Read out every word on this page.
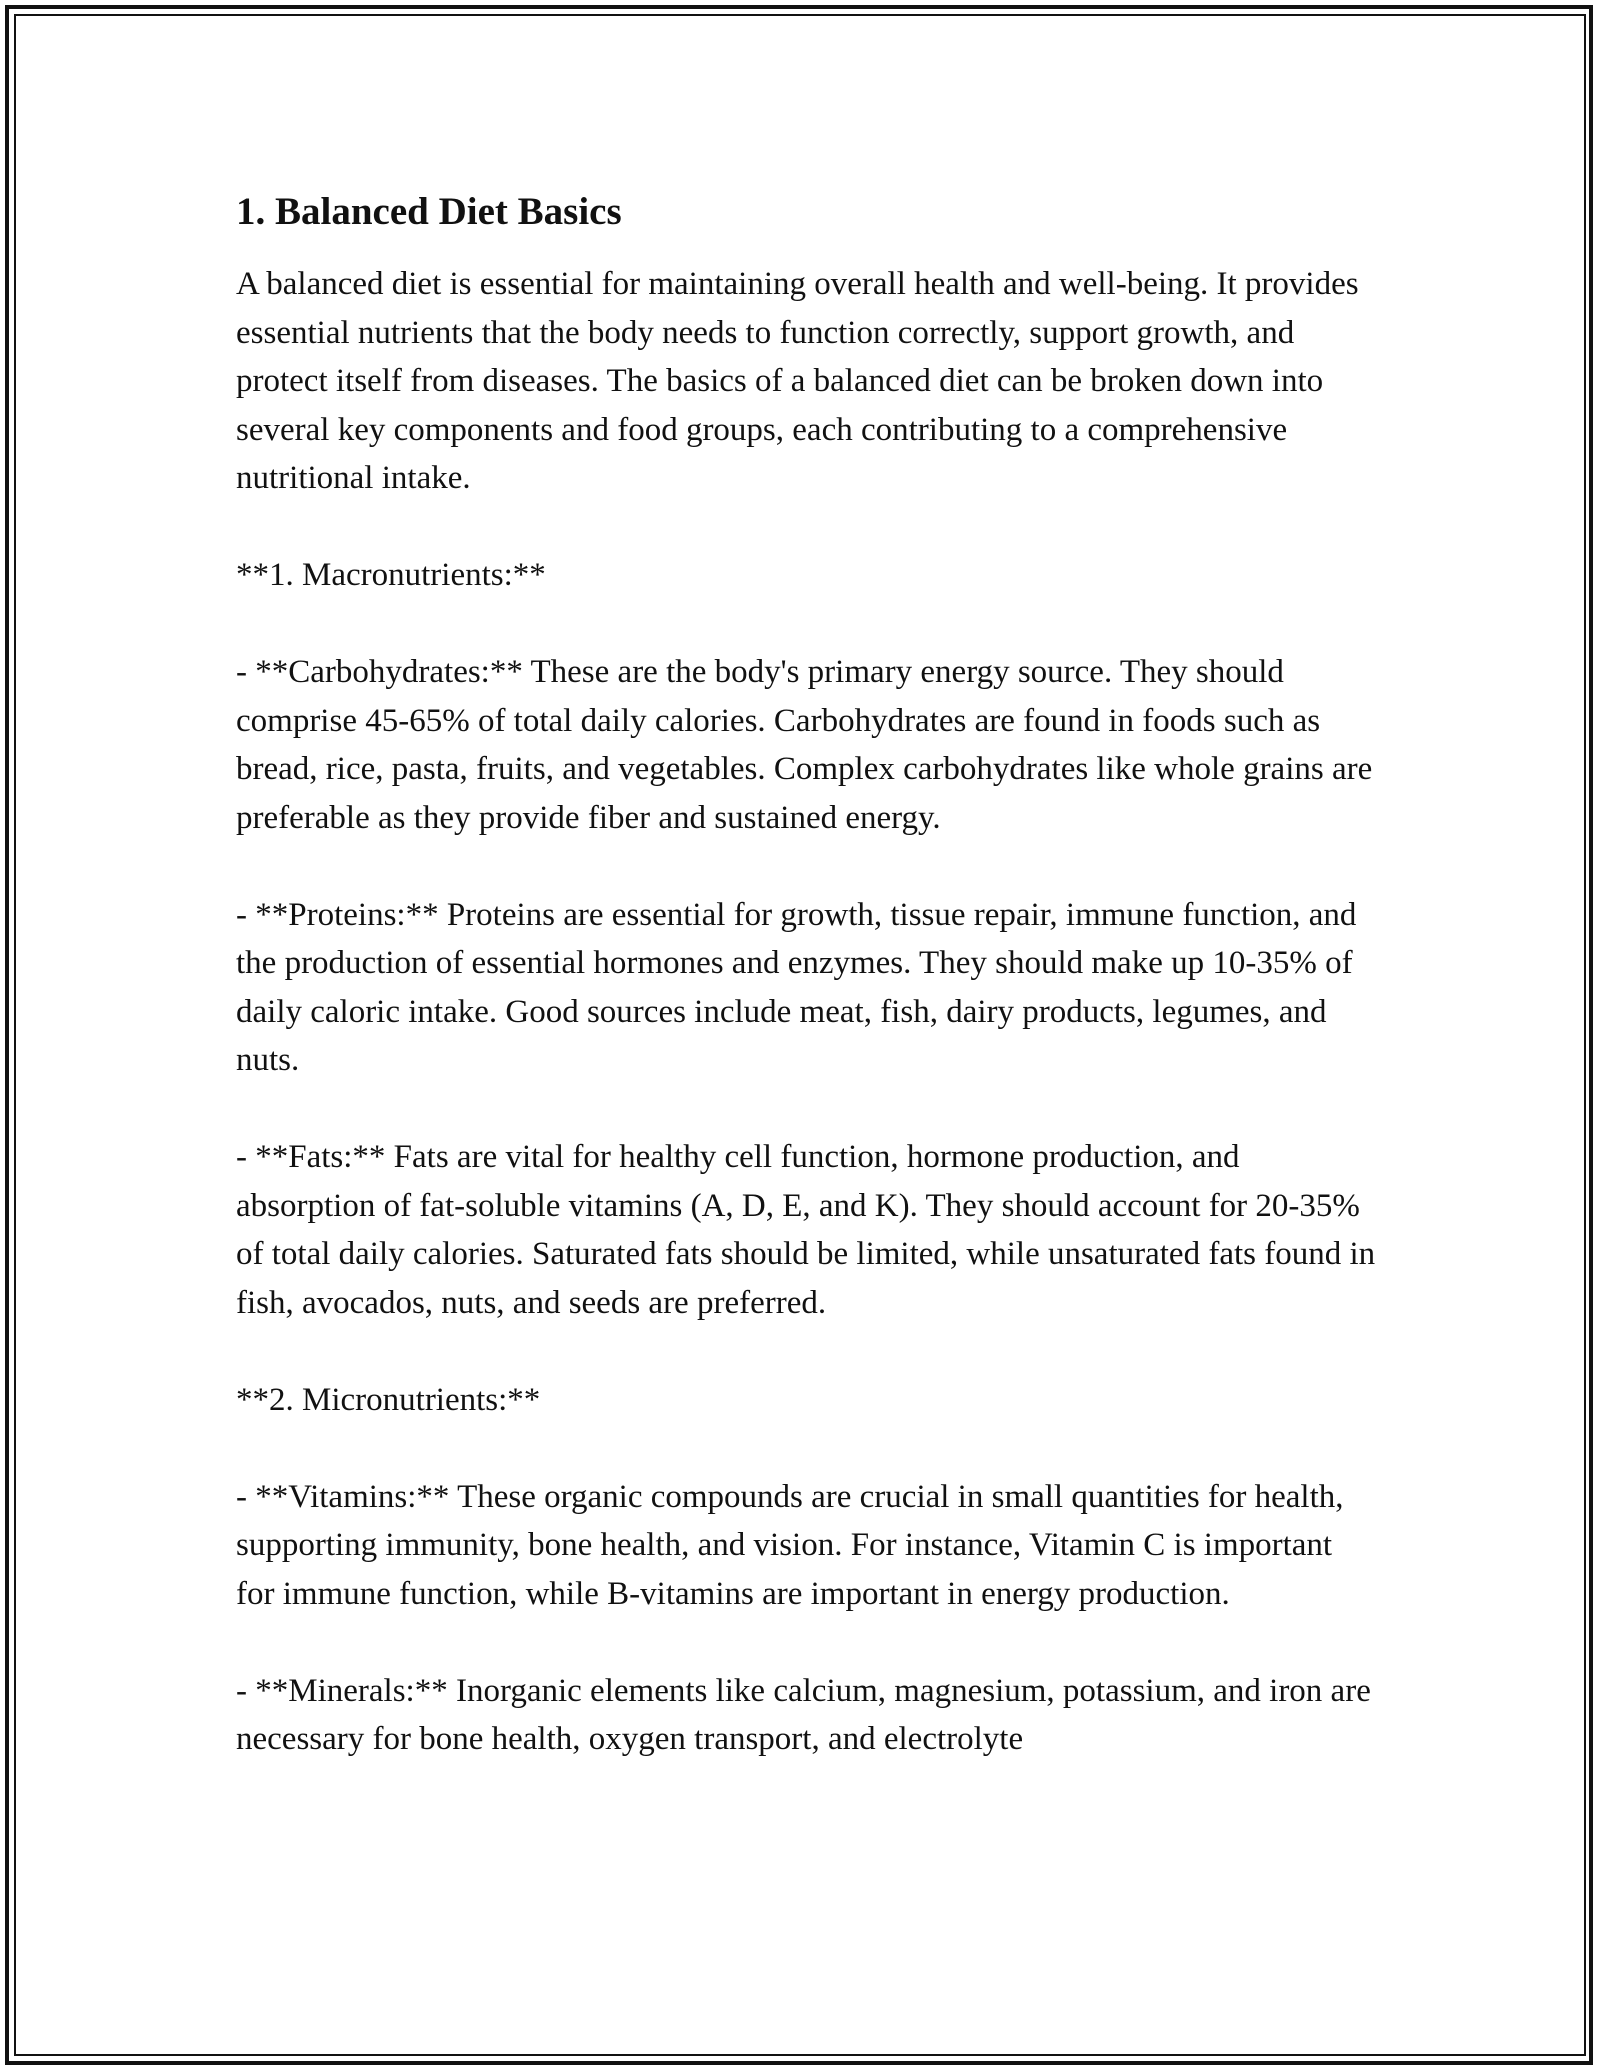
1. Balanced Diet Basics

A balanced diet is essential for maintaining overall health and well-being. It provides essential nutrients that the body needs to function correctly, support growth, and protect itself from diseases. The basics of a balanced diet can be broken down into several key components and food groups, each contributing to a comprehensive nutritional intake.

**1. Macronutrients:**

- **Carbohydrates:** These are the body's primary energy source. They should comprise 45-65% of total daily calories. Carbohydrates are found in foods such as bread, rice, pasta, fruits, and vegetables. Complex carbohydrates like whole grains are preferable as they provide fiber and sustained energy.

- **Proteins:** Proteins are essential for growth, tissue repair, immune function, and the production of essential hormones and enzymes. They should make up 10-35% of daily caloric intake. Good sources include meat, fish, dairy products, legumes, and nuts.

- **Fats:** Fats are vital for healthy cell function, hormone production, and absorption of fat-soluble vitamins (A, D, E, and K). They should account for 20-35% of total daily calories. Saturated fats should be limited, while unsaturated fats found in fish, avocados, nuts, and seeds are preferred.

**2. Micronutrients:**

- **Vitamins:** These organic compounds are crucial in small quantities for health, supporting immunity, bone health, and vision. For instance, Vitamin C is important for immune function, while B-vitamins are important in energy production.

- **Minerals:** Inorganic elements like calcium, magnesium, potassium, and iron are necessary for bone health, oxygen transport, and electrolyte
